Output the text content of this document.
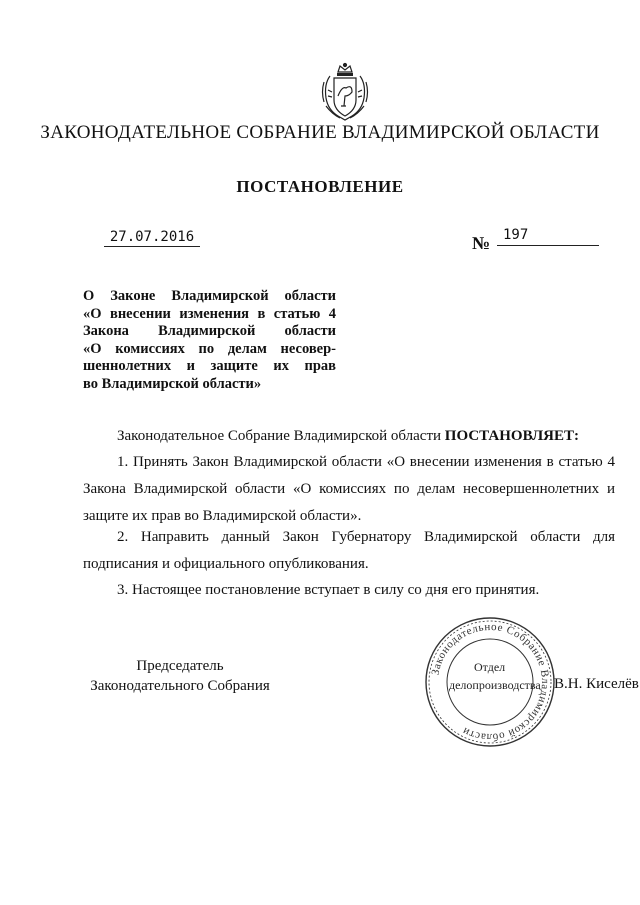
ЗАКОНОДАТЕЛЬНОЕ СОБРАНИЕ ВЛАДИМИРСКОЙ ОБЛАСТИ
ПОСТАНОВЛЕНИЕ
27.07.2016	№ 197
О Законе Владимирской области
«О внесении изменения в статью 4
Закона Владимирской области
«О комиссиях по делам несовер-
шеннолетних и защите их прав
во Владимирской области»
Законодательное Собрание Владимирской области ПОСТАНОВЛЯЕТ:
1. Принять Закон Владимирской области «О внесении изменения в статью 4 Закона Владимирской области «О комиссиях по делам несовершеннолетних и защите их прав во Владимирской области».
2. Направить данный Закон Губернатору Владимирской области для подписания и официального опубликования.
3. Настоящее постановление вступает в силу со дня его принятия.
Председатель
Законодательного Собрания
Законодательное Собрание Владимирской области
Отдел
делопроизводства В.Н. Киселёв
